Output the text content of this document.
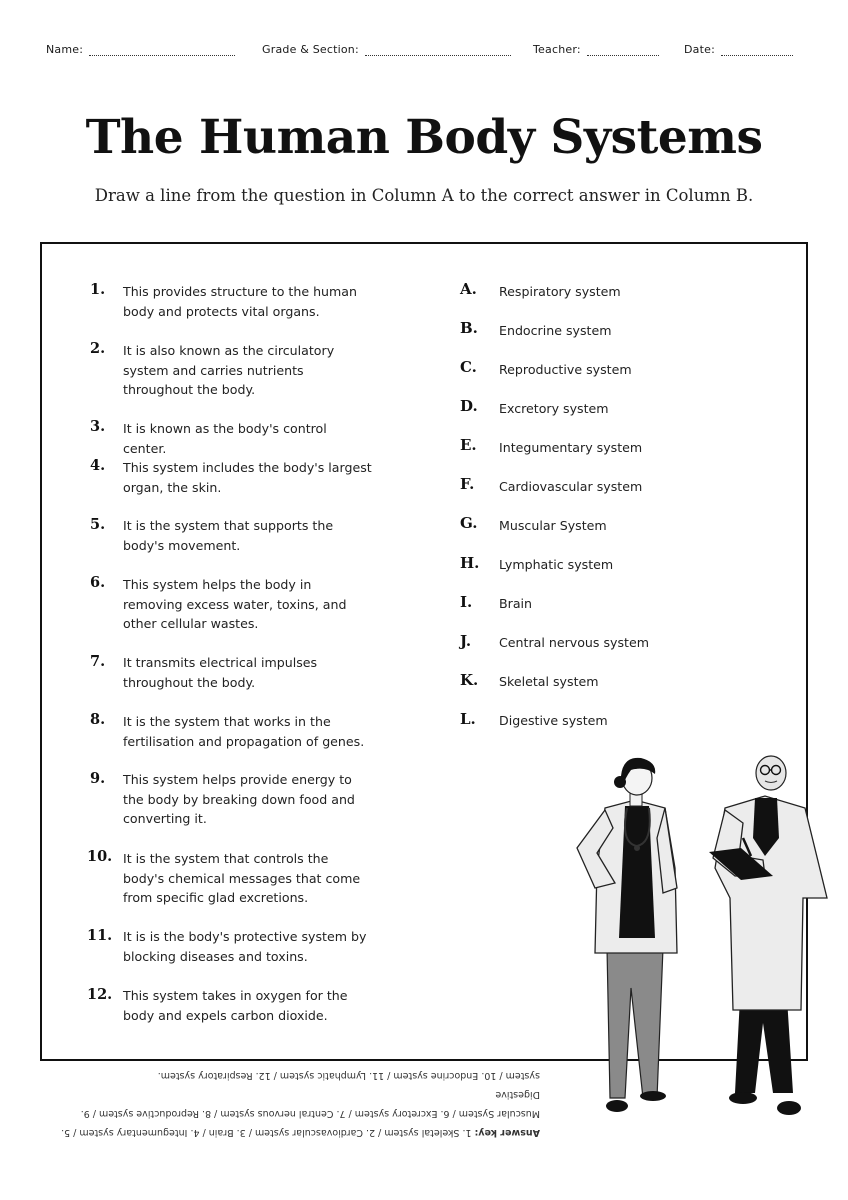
Name:	Grade & Section:	Teacher:	Date:
The Human Body Systems
Draw a line from the question in Column A to the correct answer in Column B.
1. This provides structure to the human body and protects vital organs.
2. It is also known as the circulatory system and carries nutrients throughout the body.
3. It is known as the body's control center.
4. This system includes the body's largest organ, the skin.
5. It is the system that supports the body's movement.
6. This system helps the body in removing excess water, toxins, and other cellular wastes.
7. It transmits electrical impulses throughout the body.
8. It is the system that works in the fertilisation and propagation of genes.
9. This system helps provide energy to the body by breaking down food and converting it.
10. It is the system that controls the body's chemical messages that come from specific glad excretions.
11. It is is the body's protective system by blocking diseases and toxins.
12. This system takes in oxygen for the body and expels carbon dioxide.
A. Respiratory system
B. Endocrine system
C. Reproductive system
D. Excretory system
E. Integumentary system
F. Cardiovascular system
G. Muscular System
H. Lymphatic system
I. Brain
J. Central nervous system
K. Skeletal system
L. Digestive system
Answer key: 1. Skeletal system / 2. Cardiovascular system / 3. Brain / 4. Integumentary system / 5.
Muscular System / 6. Excretory system / 7. Central nervous system / 8. Reproductive system / 9. Digestive
system / 10. Endocrine system / 11. Lymphatic system / 12. Respiratory system.
